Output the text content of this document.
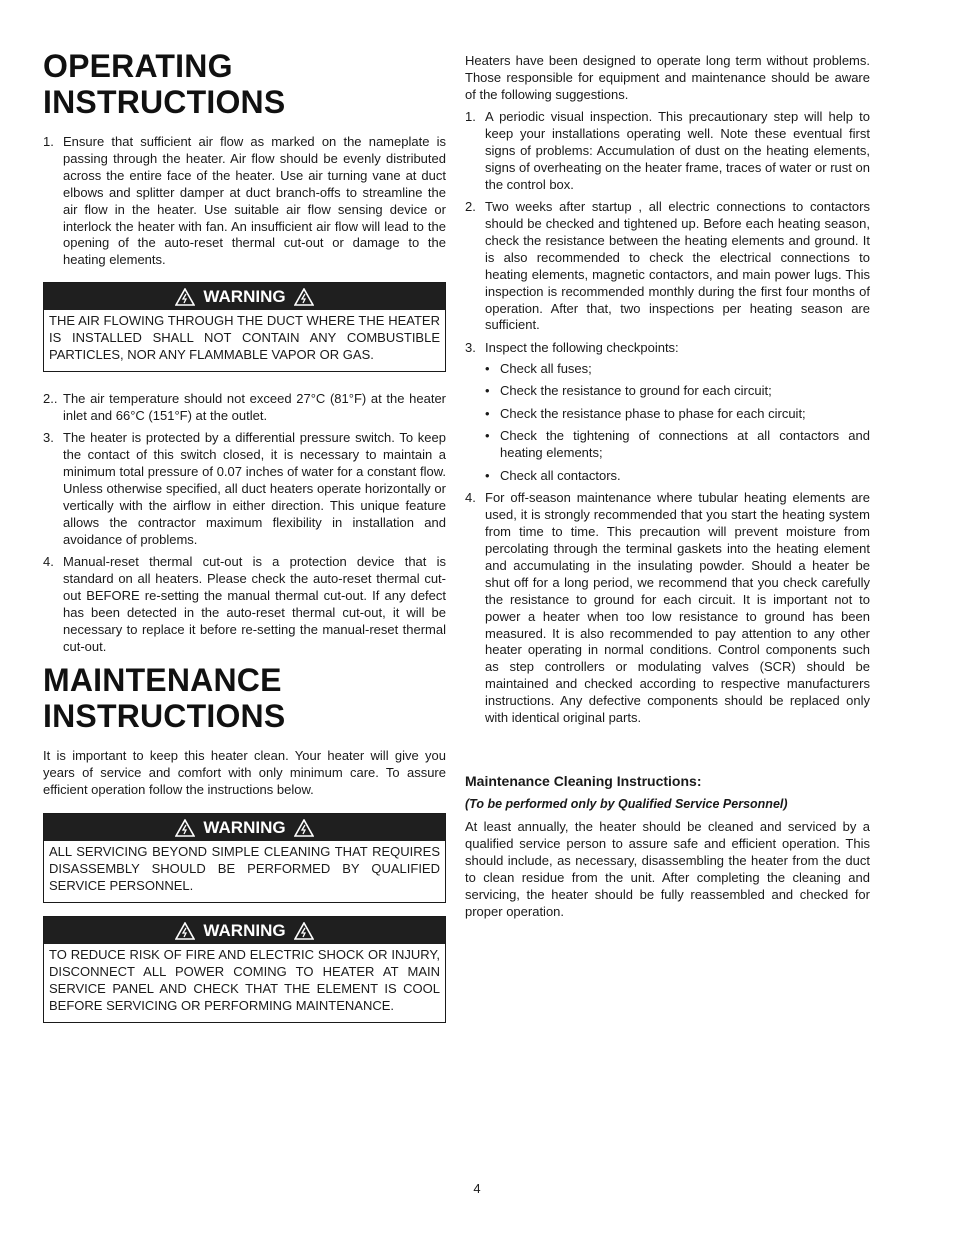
OPERATING
INSTRUCTIONS
1. Ensure that sufficient air flow as marked on the nameplate is passing through the heater. Air flow should be evenly distributed across the entire face of the heater. Use air turning vane at duct elbows and splitter damper at duct branch-offs to streamline the air flow in the heater. Use suitable air flow sensing device or interlock the heater with fan. An insufficient air flow will lead to the opening of the auto-reset thermal cut-out or damage to the heating elements.
WARNING
THE AIR FLOWING THROUGH THE DUCT WHERE THE HEATER IS INSTALLED SHALL NOT CONTAIN ANY COMBUSTIBLE PARTICLES, NOR ANY FLAMMABLE VAPOR OR GAS.
2.. The air temperature should not exceed 27°C (81°F) at the heater inlet and 66°C (151°F) at the outlet.
3. The heater is protected by a differential pressure switch. To keep the contact of this switch closed, it is necessary to maintain a minimum total pressure of 0.07 inches of water for a constant flow. Unless otherwise specified, all duct heaters operate horizontally or vertically with the airflow in either direction. This unique feature allows the contractor maximum flexibility in installation and avoidance of problems.
4. Manual-reset thermal cut-out is a protection device that is standard on all heaters. Please check the auto-reset thermal cut-out BEFORE re-setting the manual thermal cut-out. If any defect has been detected in the auto-reset thermal cut-out, it will be necessary to replace it before re-setting the manual-reset thermal cut-out.
MAINTENANCE
INSTRUCTIONS

It is important to keep this heater clean. Your heater will give you years of service and comfort with only minimum care. To assure efficient operation follow the instructions below.

WARNING
ALL SERVICING BEYOND SIMPLE CLEANING THAT REQUIRES DISASSEMBLY SHOULD BE PERFORMED BY QUALIFIED SERVICE PERSONNEL.
WARNING
TO REDUCE RISK OF FIRE AND ELECTRIC SHOCK OR INJURY, DISCONNECT ALL POWER COMING TO HEATER AT MAIN SERVICE PANEL AND CHECK THAT THE ELEMENT IS COOL BEFORE SERVICING OR PERFORMING MAINTENANCE.

Heaters have been designed to operate long term without problems. Those responsible for equipment and maintenance should be aware of the following suggestions.

1. A periodic visual inspection. This precautionary step will help to keep your installations operating well. Note these eventual first signs of problems: Accumulation of dust on the heating elements, signs of overheating on the heater frame, traces of water or rust on the control box.
2. Two weeks after startup , all electric connections to contactors should be checked and tightened up. Before each heating season, check the resistance between the heating elements and ground. It is also recommended to check the electrical connections to heating elements, magnetic contactors, and main power lugs. This inspection is recommended monthly during the first four months of operation. After that, two inspections per heating season are sufficient.
3. Inspect the following checkpoints:
• Check all fuses;
• Check the resistance to ground for each circuit;
• Check the resistance phase to phase for each circuit;
• Check the tightening of connections at all contactors and heating elements;
• Check all contactors.
4. For off-season maintenance where tubular heating elements are used, it is strongly recommended that you start the heating system from time to time. This precaution will prevent moisture from percolating through the terminal gaskets into the heating element and accumulating in the insulating powder. Should a heater be shut off for a long period, we recommend that you check carefully the resistance to ground for each circuit. It is important not to power a heater when too low resistance to ground has been measured. It is also recommended to pay attention to any other heater operating in normal conditions. Control components such as step controllers or modulating valves (SCR) should be maintained and checked according to respective manufacturers instructions. Any defective components should be replaced only with identical original parts.

Maintenance Cleaning Instructions:

(To be performed only by Qualified Service Personnel)

At least annually, the heater should be cleaned and serviced by a qualified service person to assure safe and efficient operation. This should include, as necessary, disassembling the heater from the duct to clean residue from the unit. After completing the cleaning and servicing, the heater should be fully reassembled and checked for proper operation.

4
